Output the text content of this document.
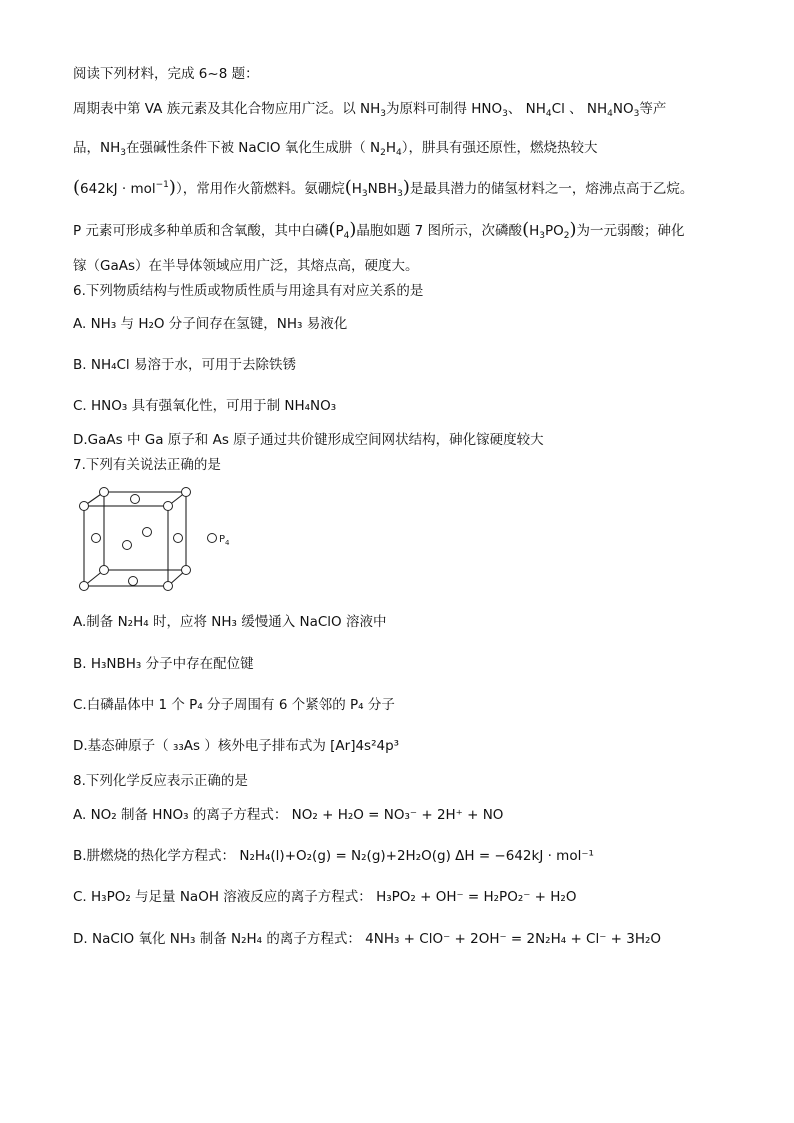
阅读下列材料，完成 6~8 题：
周期表中第 VA 族元素及其化合物应用广泛。以 $NH_3$为原料可制得 $HNO_3$、 $NH_4Cl$ 、 $NH_4NO_3$等产
品，$NH_3$在强碱性条件下被 NaClO 氧化生成肼（ $N_2H_4$），肼具有强还原性，燃烧热较大
(642kJ · mol$^{-1}$)），常用作火箭燃料。氨硼烷$(H_3NBH_3)$是最具潜力的储氢材料之一，熔沸点高于乙烷。
P 元素可形成多种单质和含氧酸，其中白磷$(P_4)$晶胞如题 7 图所示，次磷酸$(H_3PO_2)$为一元弱酸；砷化
镓（GaAs）在半导体领域应用广泛，其熔点高，硬度大。
6.下列物质结构与性质或物质性质与用途具有对应关系的是
A. NH₃ 与 H₂O 分子间存在氢键，NH₃ 易液化
B. NH₄Cl 易溶于水，可用于去除铁锈
C. HNO₃ 具有强氧化性，可用于制 NH₄NO₃
D.GaAs 中 Ga 原子和 As 原子通过共价键形成空间网状结构，砷化镓硬度较大
7.下列有关说法正确的是
$P_4$
A.制备 N₂H₄ 时，应将 NH₃ 缓慢通入 NaClO 溶液中
B. H₃NBH₃ 分子中存在配位键
C.白磷晶体中 1 个 P₄ 分子周围有 6 个紧邻的 P₄ 分子
D.基态砷原子（ ₃₃As ）核外电子排布式为 [Ar]4s²4p³
8.下列化学反应表示正确的是
A. NO₂ 制备 HNO₃ 的离子方程式： NO₂ + H₂O = NO₃⁻ + 2H⁺ + NO
B.肼燃烧的热化学方程式： N₂H₄(l)+O₂(g) = N₂(g)+2H₂O(g) ΔH = −642kJ · mol⁻¹
C. H₃PO₂ 与足量 NaOH 溶液反应的离子方程式： H₃PO₂ + OH⁻ = H₂PO₂⁻ + H₂O
D. NaClO 氧化 NH₃ 制备 N₂H₄ 的离子方程式： 4NH₃ + ClO⁻ + 2OH⁻ = 2N₂H₄ + Cl⁻ + 3H₂O
